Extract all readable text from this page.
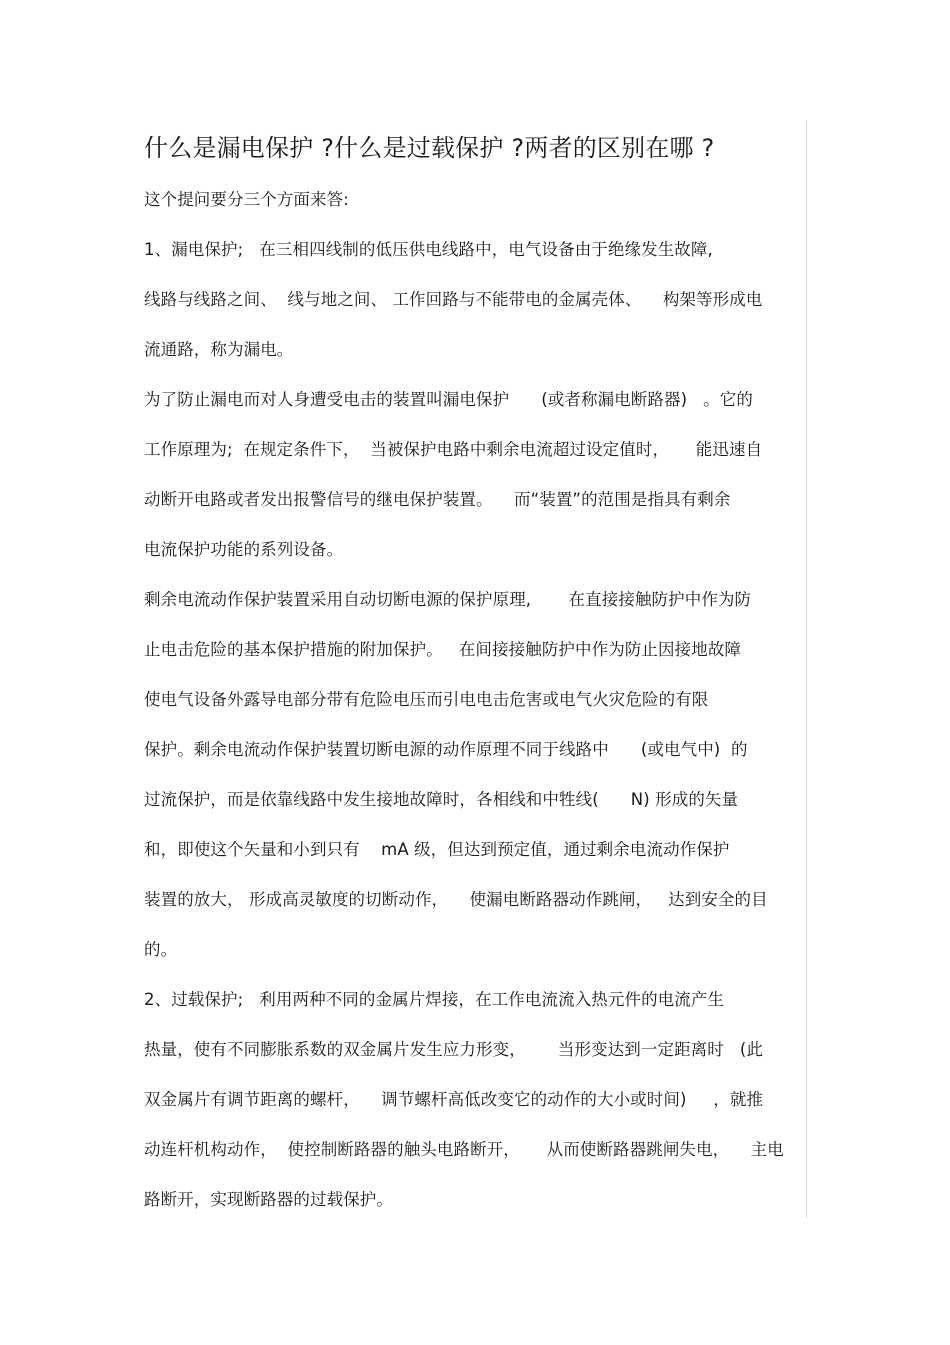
什么是漏电保护 ?什么是过载保护 ?两者的区别在哪 ?
这个提问要分三个方面来答:
1、漏电保护;   在三相四线制的低压供电线路中，电气设备由于绝缘发生故障,
线路与线路之间、  线与地之间、 工作回路与不能带电的金属壳体、    构架等形成电
流通路，称为漏电。
为了防止漏电而对人身遭受电击的装置叫漏电保护      (或者称漏电断路器)   。它的
工作原理为;  在规定条件下，  当被保护电路中剩余电流超过设定值时，     能迅速自
动断开电路或者发出报警信号的继电保护装置。    而“装置”的范围是指具有剩余
电流保护功能的系列设备。
剩余电流动作保护装置采用自动切断电源的保护原理,       在直接接触防护中作为防
止电击危险的基本保护措施的附加保护。   在间接接触防护中作为防止因接地故障
使电气设备外露导电部分带有危险电压而引电电击危害或电气火灾危险的有限
保护。剩余电流动作保护装置切断电源的动作原理不同于线路中      (或电气中)  的
过流保护，而是依靠线路中发生接地故障时，各相线和中牲线(      N) 形成的矢量
和，即使这个矢量和小到只有    mA 级，但达到预定值，通过剩余电流动作保护
装置的放大， 形成高灵敏度的切断动作，    使漏电断路器动作跳闸，   达到安全的目
的。
2、过载保护;   利用两种不同的金属片焊接，在工作电流流入热元件的电流产生
热量，使有不同膨胀系数的双金属片发生应力形变，      当形变达到一定距离时   (此
双金属片有调节距离的螺杆，    调节螺杆高低改变它的动作的大小或时间)     ，就推
动连杆机构动作，  使控制断路器的触头电路断开，     从而使断路器跳闸失电，    主电
路断开，实现断路器的过载保护。
